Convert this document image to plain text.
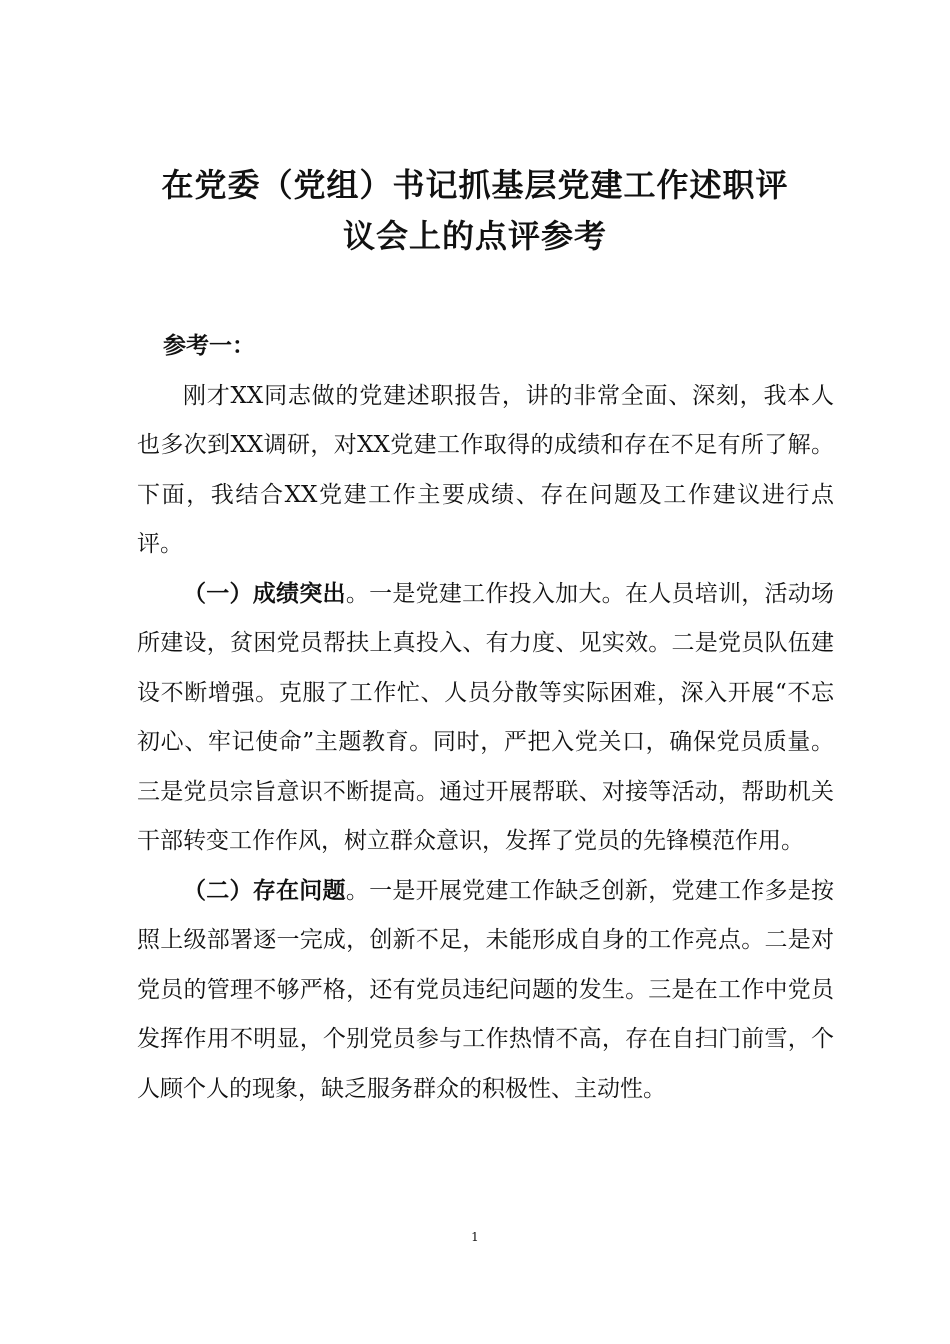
在党委（党组）书记抓基层党建工作述职评
议会上的点评参考

参考一：

刚才XX同志做的党建述职报告，讲的非常全面、深刻，我本人也多次到XX调研，对XX党建工作取得的成绩和存在不足有所了解。下面，我结合XX党建工作主要成绩、存在问题及工作建议进行点评。

（一）成绩突出。一是党建工作投入加大。在人员培训，活动场所建设，贫困党员帮扶上真投入、有力度、见实效。二是党员队伍建设不断增强。克服了工作忙、人员分散等实际困难，深入开展“不忘初心、牢记使命”主题教育。同时，严把入党关口，确保党员质量。三是党员宗旨意识不断提高。通过开展帮联、对接等活动，帮助机关干部转变工作作风，树立群众意识，发挥了党员的先锋模范作用。

（二）存在问题。一是开展党建工作缺乏创新，党建工作多是按照上级部署逐一完成，创新不足，未能形成自身的工作亮点。二是对党员的管理不够严格，还有党员违纪问题的发生。三是在工作中党员发挥作用不明显，个别党员参与工作热情不高，存在自扫门前雪，个人顾个人的现象，缺乏服务群众的积极性、主动性。

1
